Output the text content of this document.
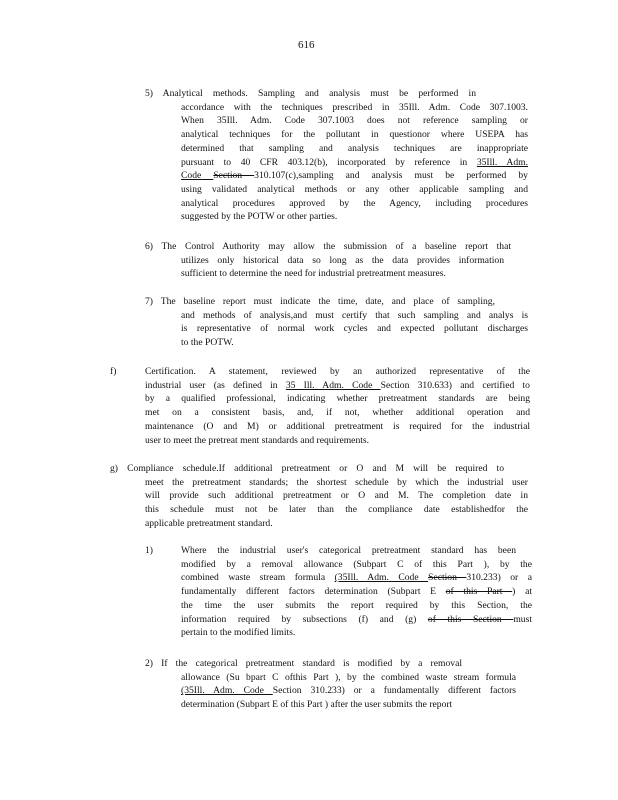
616
5) Analytical methods. Sampling and analysis must be performed in
accordance with the techniques prescribed in 35Ill. Adm. Code 307.1003.
When 35Ill. Adm. Code 307.1003 does not reference sampling or
analytical techniques for the pollutant in questionor where USEPA has
determined that sampling and analysis techniques are inappropriate
pursuant to 40 CFR 403.12(b), incorporated by reference in 35Ill. Adm.
Code Section 310.107(c),sampling and analysis must be performed by
using validated analytical methods or any other applicable sampling and
analytical procedures approved by the Agency, including procedures
suggested by the POTW or other parties.
6) The Control Authority may allow the submission of a baseline report that
utilizes only historical data so long as the data provides information
sufficient to determine the need for industrial pretreatment measures.
7) The baseline report must indicate the time, date, and place of sampling,
and methods of analysis,and must certify that such sampling and analys is
is representative of normal work cycles and expected pollutant discharges
to the POTW.
Certification. A statement, reviewed by an authorized representative of the
industrial user (as defined in 35 Ill. Adm. Code Section 310.633) and certified to
by a qualified professional, indicating whether pretreatment standards are being
met on a consistent basis, and, if not, whether additional operation and
maintenance (O and M) or additional pretreatment is required for the industrial
user to meet the pretreat ment standards and requirements.
g) Compliance schedule.If additional pretreatment or O and M will be required to
meet the pretreatment standards; the shortest schedule by which the industrial user
will provide such additional pretreatment or O and M. The completion date in
this schedule must not be later than the compliance date establishedfor the
applicable pretreatment standard.
Where the industrial user's categorical pretreatment standard has been
modified by a removal allowance (Subpart C of this Part ), by the
combined waste stream formula (35Ill. Adm. Code Section 310.233) or a
fundamentally different factors determination (Subpart E of this Part ) at
the time the user submits the report required by this Section, the
information required by subsections (f) and (g) of this Section must
pertain to the modified limits.
2) If the categorical pretreatment standard is modified by a removal
allowance (Su bpart C ofthis Part ), by the combined waste stream formula
(35Ill. Adm. Code Section 310.233) or a fundamentally different factors
determination (Subpart E of this Part ) after the user submits the report
f)
1)
